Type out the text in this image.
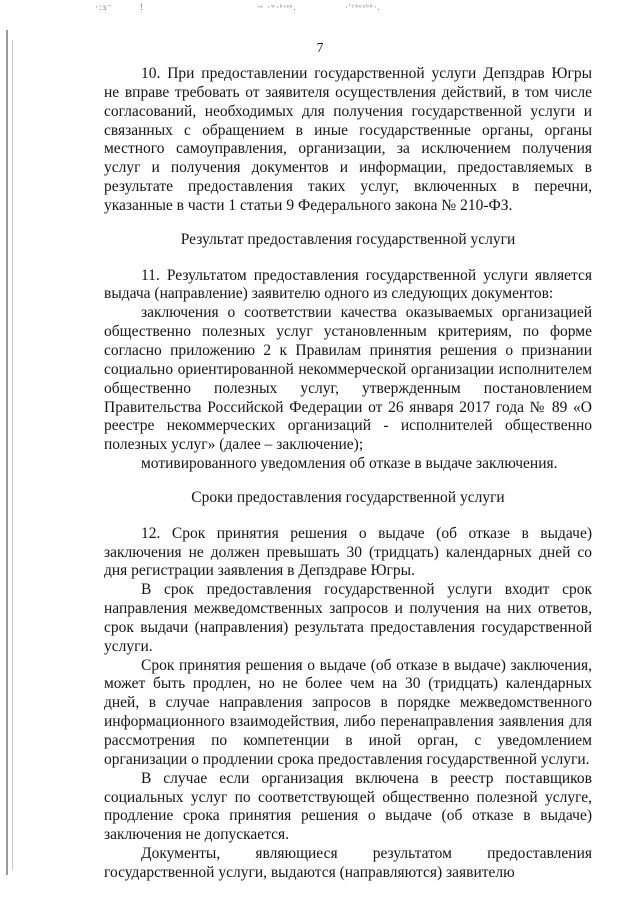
·:ɜ⁻	!	~ ·ʷ·ᵏˢᵉᵉ.	·ʹᶜʰᵉᵃᵇʰ·.
7

10. При предоставлении государственной услуги Депздрав Югры не вправе требовать от заявителя осуществления действий, в том числе согласований, необходимых для получения государственной услуги и связанных с обращением в иные государственные органы, органы местного самоуправления, организации, за исключением получения услуг и получения документов и информации, предоставляемых в результате предоставления таких услуг, включенных в перечни, указанные в части 1 статьи 9 Федерального закона № 210-ФЗ.

Результат предоставления государственной услуги

11. Результатом предоставления государственной услуги является выдача (направление) заявителю одного из следующих документов:

заключения о соответствии качества оказываемых организацией общественно полезных услуг установленным критериям, по форме согласно приложению 2 к Правилам принятия решения о признании социально ориентированной некоммерческой организации исполнителем общественно полезных услуг, утвержденным постановлением Правительства Российской Федерации от 26 января 2017 года № 89 «О реестре некоммерческих организаций - исполнителей общественно полезных услуг» (далее – заключение);

мотивированного уведомления об отказе в выдаче заключения.

Сроки предоставления государственной услуги

12. Срок принятия решения о выдаче (об отказе в выдаче) заключения не должен превышать 30 (тридцать) календарных дней со дня регистрации заявления в Депздраве Югры.

В срок предоставления государственной услуги входит срок направления межведомственных запросов и получения на них ответов, срок выдачи (направления) результата предоставления государственной услуги.

Срок принятия решения о выдаче (об отказе в выдаче) заключения, может быть продлен, но не более чем на 30 (тридцать) календарных дней, в случае направления запросов в порядке межведомственного информационного взаимодействия, либо перенаправления заявления для рассмотрения по компетенции в иной орган, с уведомлением организации о продлении срока предоставления государственной услуги.

В случае если организация включена в реестр поставщиков социальных услуг по соответствующей общественно полезной услуге, продление срока принятия решения о выдаче (об отказе в выдаче) заключения не допускается.

Документы, являющиеся результатом предоставления государственной услуги, выдаются (направляются) заявителю
